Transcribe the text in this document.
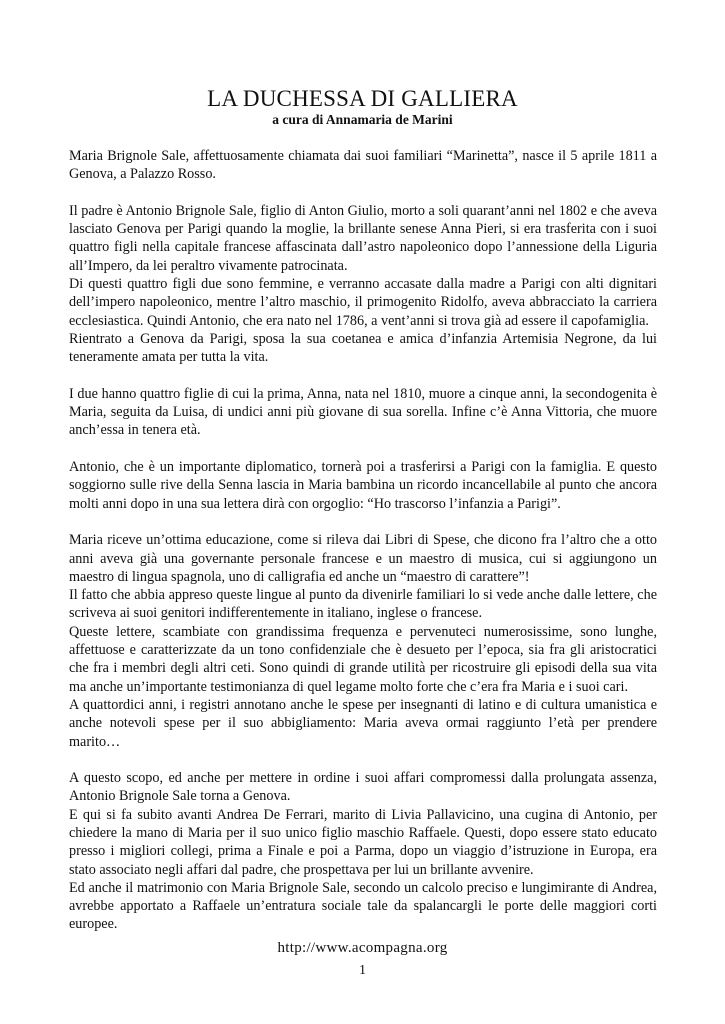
LA DUCHESSA DI GALLIERA
a cura di Annamaria de Marini

Maria Brignole Sale, affettuosamente chiamata dai suoi familiari “Marinetta”, nasce il 5 aprile 1811 a Genova, a Palazzo Rosso.

Il padre è Antonio Brignole Sale, figlio di Anton Giulio, morto a soli quarant’anni nel 1802 e che aveva lasciato Genova per Parigi quando la moglie, la brillante senese Anna Pieri, si era trasferita con i suoi quattro figli nella capitale francese affascinata dall’astro napoleonico dopo l’annessione della Liguria all’Impero, da lei peraltro vivamente patrocinata.

Di questi quattro figli due sono femmine, e verranno accasate dalla madre a Parigi con alti dignitari dell’impero napoleonico, mentre l’altro maschio, il primogenito Ridolfo, aveva abbracciato la carriera ecclesiastica. Quindi Antonio, che era nato nel 1786, a vent’anni si trova già ad essere il capofamiglia.

Rientrato a Genova da Parigi, sposa la sua coetanea e amica d’infanzia Artemisia Negrone, da lui teneramente amata per tutta la vita.

I due hanno quattro figlie di cui la prima, Anna, nata nel 1810, muore a cinque anni, la secondogenita è Maria, seguita da Luisa, di undici anni più giovane di sua sorella. Infine c’è Anna Vittoria, che muore anch’essa in tenera età.

Antonio, che è un importante diplomatico, tornerà poi a trasferirsi a Parigi con la famiglia. E questo soggiorno sulle rive della Senna lascia in Maria bambina un ricordo incancellabile al punto che ancora molti anni dopo in una sua lettera dirà con orgoglio: “Ho trascorso l’infanzia a Parigi”.

Maria riceve un’ottima educazione, come si rileva dai Libri di Spese, che dicono fra l’altro che a otto anni aveva già una governante personale francese e un maestro di musica, cui si aggiungono un maestro di lingua spagnola, uno di calligrafia ed anche un “maestro di carattere”!

Il fatto che abbia appreso queste lingue al punto da divenirle familiari lo si vede anche dalle lettere, che scriveva ai suoi genitori indifferentemente in italiano, inglese o francese.

Queste lettere, scambiate con grandissima frequenza e pervenuteci numerosissime, sono lunghe, affettuose e caratterizzate da un tono confidenziale che è desueto per l’epoca, sia fra gli aristocratici che fra i membri degli altri ceti. Sono quindi di grande utilità per ricostruire gli episodi della sua vita ma anche un’importante testimonianza di quel legame molto forte che c’era fra Maria e i suoi cari.

A quattordici anni, i registri annotano anche le spese per insegnanti di latino e di cultura umanistica e anche notevoli spese per il suo abbigliamento: Maria aveva ormai raggiunto l’età per prendere marito…

A questo scopo, ed anche per mettere in ordine i suoi affari compromessi dalla prolungata assenza, Antonio Brignole Sale torna a Genova.

E qui si fa subito avanti Andrea De Ferrari, marito di Livia Pallavicino, una cugina di Antonio, per chiedere la mano di Maria per il suo unico figlio maschio Raffaele. Questi, dopo essere stato educato presso i migliori collegi, prima a Finale e poi a Parma, dopo un viaggio d’istruzione in Europa, era stato associato negli affari dal padre, che prospettava per lui un brillante avvenire.

Ed anche il matrimonio con Maria Brignole Sale, secondo un calcolo preciso e lungimirante di Andrea, avrebbe apportato a Raffaele un’entratura sociale tale da spalancargli le porte delle maggiori corti europee.

http://www.acompagna.org
1
